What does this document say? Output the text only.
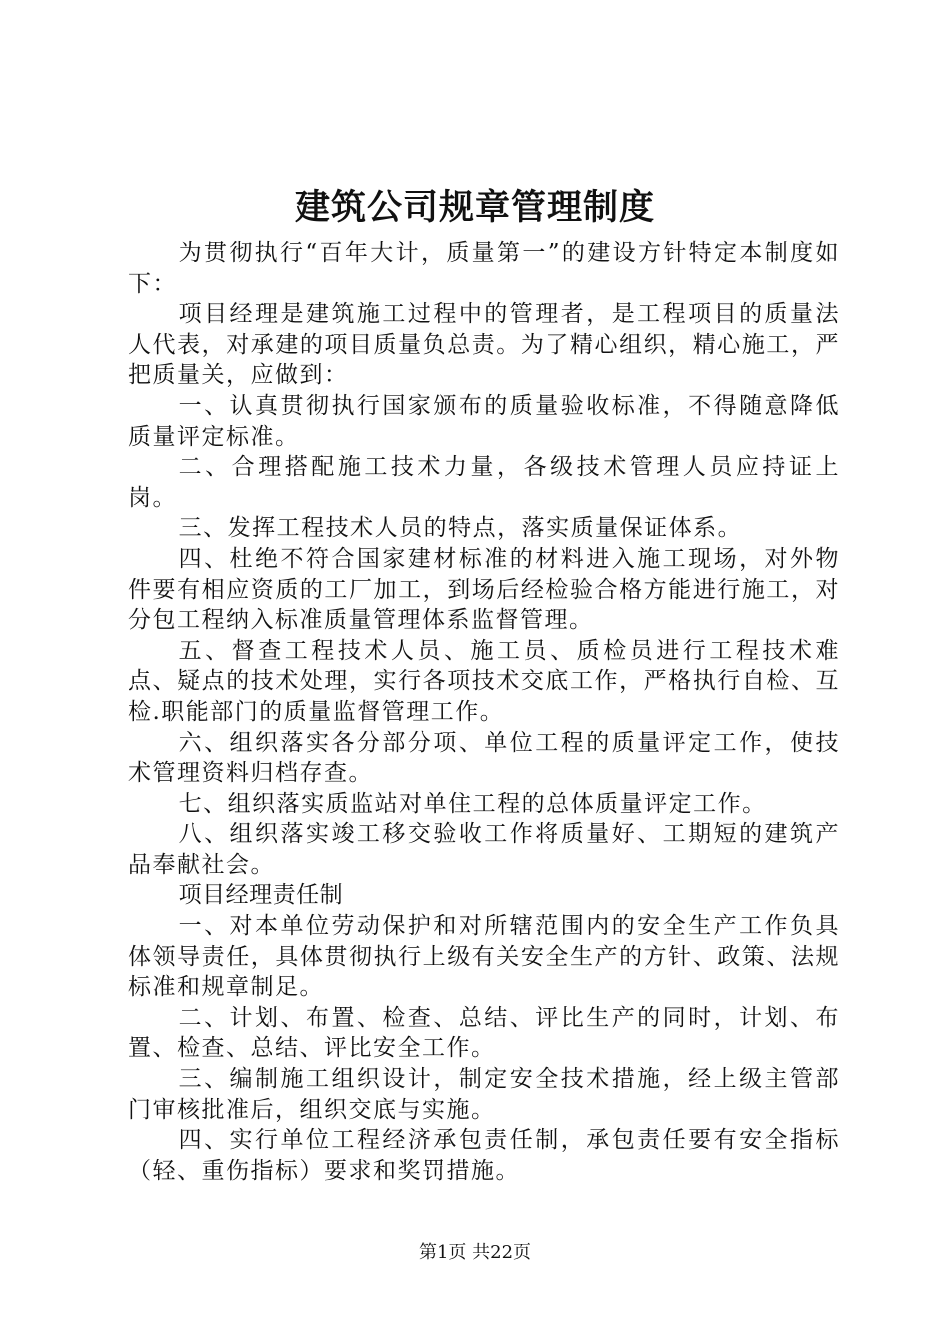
建筑公司规章管理制度

为贯彻执行“百年大计，质量第一”的建设方针特定本制度如下：

项目经理是建筑施工过程中的管理者，是工程项目的质量法人代表，对承建的项目质量负总责。为了精心组织，精心施工，严把质量关，应做到：

一、认真贯彻执行国家颁布的质量验收标准，不得随意降低质量评定标准。

二、合理搭配施工技术力量，各级技术管理人员应持证上岗。

三、发挥工程技术人员的特点，落实质量保证体系。

四、杜绝不符合国家建材标准的材料进入施工现场，对外物件要有相应资质的工厂加工，到场后经检验合格方能进行施工，对分包工程纳入标准质量管理体系监督管理。

五、督查工程技术人员、施工员、质检员进行工程技术难点、疑点的技术处理，实行各项技术交底工作，严格执行自检、互检.职能部门的质量监督管理工作。

六、组织落实各分部分项、单位工程的质量评定工作，使技术管理资料归档存查。

七、组织落实质监站对单住工程的总体质量评定工作。

八、组织落实竣工移交验收工作将质量好、工期短的建筑产品奉献社会。

项目经理责任制

一、对本单位劳动保护和对所辖范围内的安全生产工作负具体领导责任，具体贯彻执行上级有关安全生产的方针、政策、法规标准和规章制足。

二、计划、布置、检查、总结、评比生产的同时，计划、布置、检查、总结、评比安全工作。

三、编制施工组织设计，制定安全技术措施，经上级主管部门审核批准后，组织交底与实施。

四、实行单位工程经济承包责任制，承包责任要有安全指标（轻、重伤指标）要求和奖罚措施。

第1页 共22页
